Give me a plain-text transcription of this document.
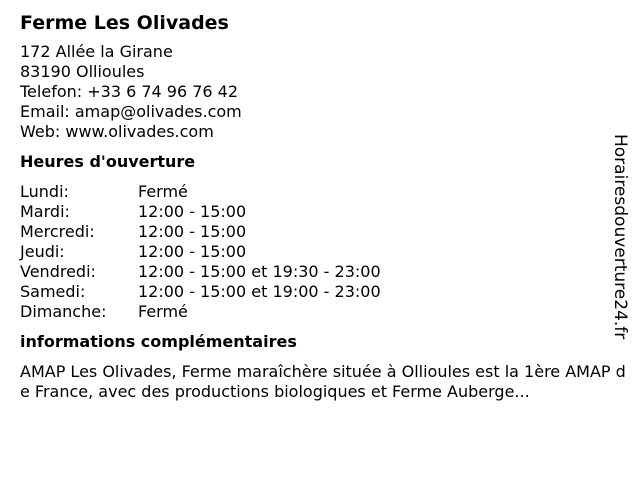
Ferme Les Olivades
172 Allée la Girane
83190 Ollioules
Telefon: +33 6 74 96 76 42
Email: amap@olivades.com
Web: www.olivades.com
Heures d'ouverture
Lundi:	Fermé
Mardi:	12:00 - 15:00
Mercredi:	12:00 - 15:00
Jeudi:	12:00 - 15:00
Vendredi:	12:00 - 15:00 et 19:30 - 23:00
Samedi:	12:00 - 15:00 et 19:00 - 23:00
Dimanche:	Fermé
informations complémentaires
AMAP Les Olivades, Ferme maraîchère située à Ollioules est la 1ère AMAP de France, avec des productions biologiques et Ferme Auberge...
Horairesdouverture24.fr
